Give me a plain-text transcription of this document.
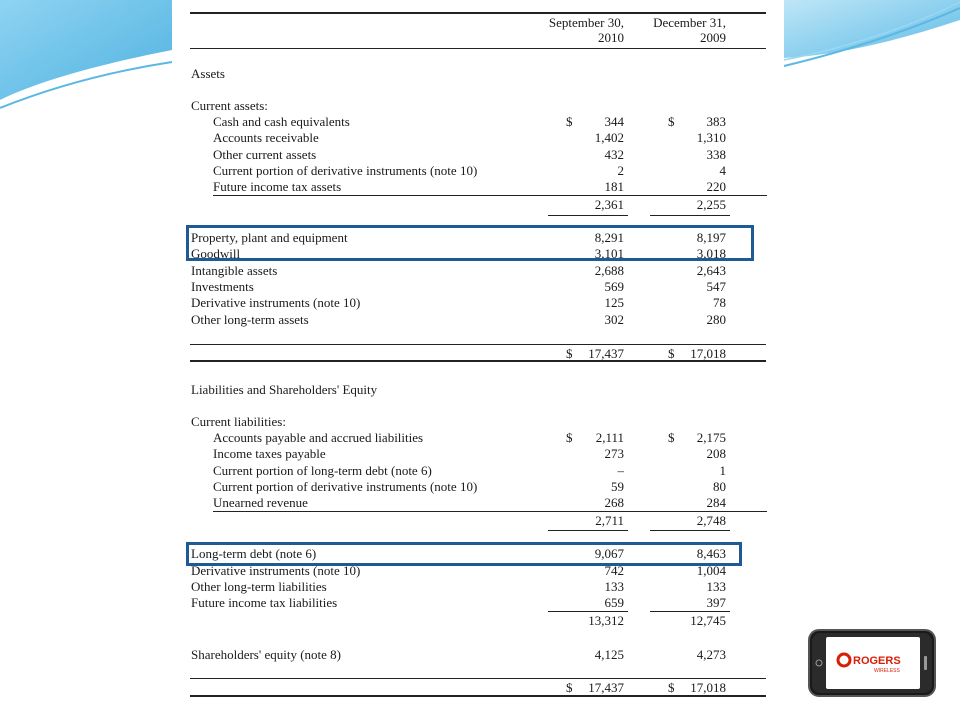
September 30,
2010
December 31,
2009
Assets
Current assets:
Cash and cash equivalents	$	344	$	383
Accounts receivable	1,402	1,310
Other current assets	432	338
Current portion of derivative instruments (note 10)	2	4
Future income tax assets	181	220
2,361	2,255
Property, plant and equipment	8,291	8,197
Goodwill	3,101	3,018
Intangible assets	2,688	2,643
Investments	569	547
Derivative instruments (note 10)	125	78
Other long-term assets	302	280
$	17,437	$	17,018
Liabilities and Shareholders' Equity
Current liabilities:
Accounts payable and accrued liabilities	$	2,111	$	2,175
Income taxes payable	273	208
Current portion of long-term debt (note 6)	–	1
Current portion of derivative instruments (note 10)	59	80
Unearned revenue	268	284
2,711	2,748
Long-term debt (note 6)	9,067	8,463
Derivative instruments (note 10)	742	1,004
Other long-term liabilities	133	133
Future income tax liabilities	659	397
13,312	12,745
Shareholders' equity (note 8)	4,125	4,273
$	17,437	$	17,018
ROGERS
WIRELESS
